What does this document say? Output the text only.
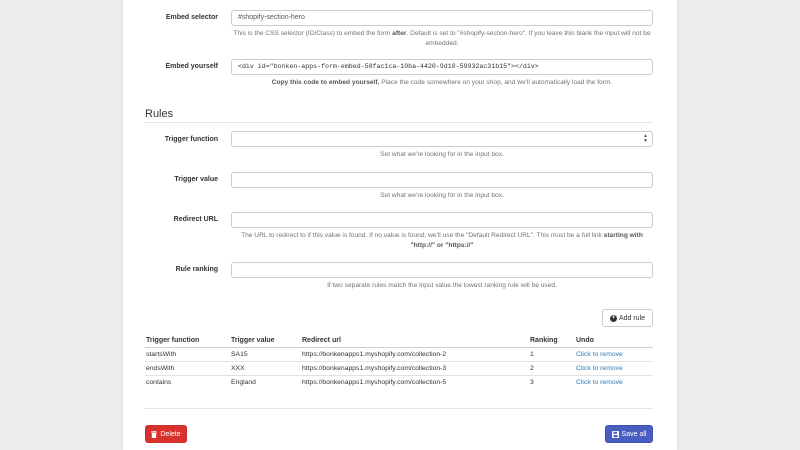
Embed selector	#shopify-section-hero
This is the CSS selector (ID/Class) to embed the form after. Default is set to "#shopify-section-hero". If you leave this blank the input will not be embedded.
Embed yourself	<div id="bonken-apps-form-embed-58fac1ca-10ba-4420-9d10-59932ac31b15"></div>
Copy this code to embed yourself. Place the code somewhere on your shop, and we'll automatically load the form.
Rules
Trigger function	▲
▼
Set what we're looking for in the input box.
Trigger value
Set what we're looking for in the input box.
Redirect URL
The URL to redirect to if this value is found. If no value is found, we'll use the "Default Redirect URL". This must be a full link starting with "http://" or "https://"
Rule ranking
If two separate rules match the input value the lowest ranking rule will be used.
+ Add rule
Trigger function	Trigger value	Redirect url	Ranking	Undo
startsWith	SA15	https://bonkenapps1.myshopify.com/collection-2	1	Click to remove
endsWith	XXX	https://bonkenapps1.myshopify.com/collection-3	2	Click to remove
contains	England	https://bonkenapps1.myshopify.com/collection-5	3	Click to remove
Delete	Save all
